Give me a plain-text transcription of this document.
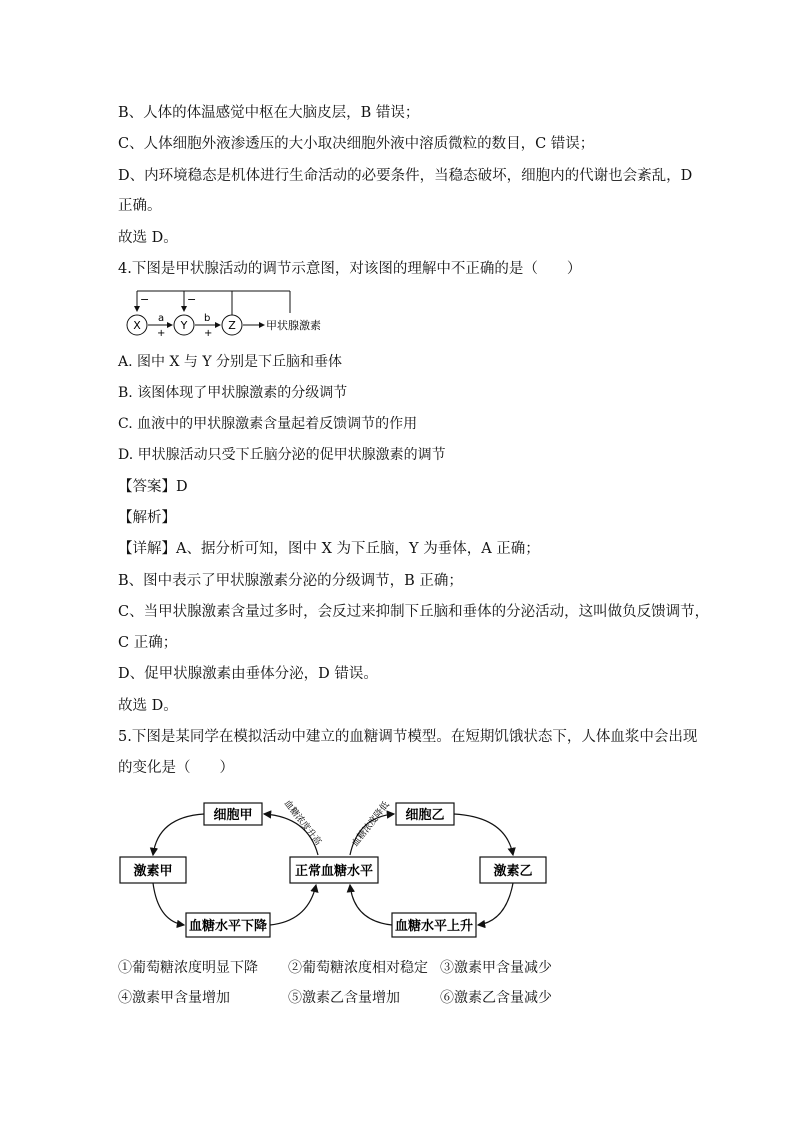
B、人体的体温感觉中枢在大脑皮层，B 错误；
C、人体细胞外液渗透压的大小取决细胞外液中溶质微粒的数目，C 错误；
D、内环境稳态是机体进行生命活动的必要条件，当稳态破坏，细胞内的代谢也会紊乱，D
正确。
故选 D。
4.下图是甲状腺活动的调节示意图，对该图的理解中不正确的是（　　）
−	−
X	Y	Z
a
+
b
+
甲状腺激素
A. 图中 X 与 Y 分别是下丘脑和垂体
B. 该图体现了甲状腺激素的分级调节
C. 血液中的甲状腺激素含量起着反馈调节的作用
D. 甲状腺活动只受下丘脑分泌的促甲状腺激素的调节
【答案】D
【解析】
【详解】A、据分析可知，图中 X 为下丘脑，Y 为垂体，A 正确；
B、图中表示了甲状腺激素分泌的分级调节，B 正确；
C、当甲状腺激素含量过多时，会反过来抑制下丘脑和垂体的分泌活动，这叫做负反馈调节，
C 正确；
D、促甲状腺激素由垂体分泌，D 错误。
故选 D。
5.下图是某同学在模拟活动中建立的血糖调节模型。在短期饥饿状态下，人体血浆中会出现
的变化是（　　）
细胞甲
激素甲
血糖水平下降
正常血糖水平
细胞乙
激素乙
血糖水平上升
血糖浓度升高	血糖浓度降低
①葡萄糖浓度明显下降 ②葡萄糖浓度相对稳定 ③激素甲含量减少
④激素甲含量增加	⑤激素乙含量增加	⑥激素乙含量减少
